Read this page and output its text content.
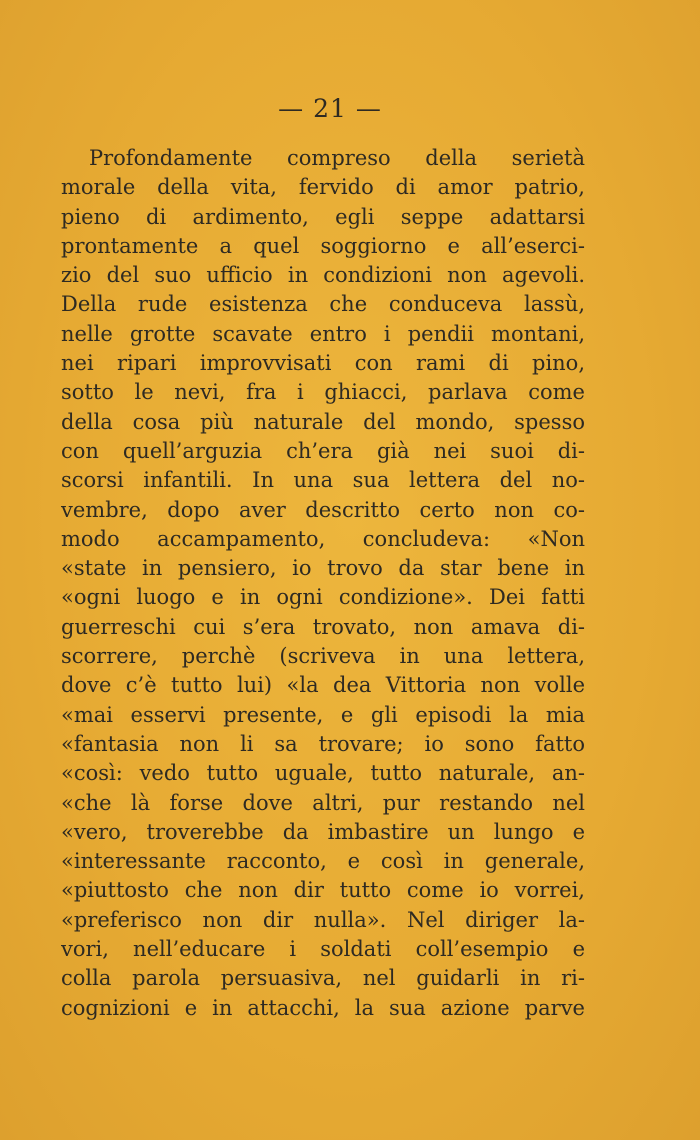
— 21 —
Profondamente compreso della serietà
morale della vita, fervido di amor patrio,
pieno di ardimento, egli seppe adattarsi
prontamente a quel soggiorno e all’eserci-
zio del suo ufficio in condizioni non agevoli.
Della rude esistenza che conduceva lassù,
nelle grotte scavate entro i pendii montani,
nei ripari improvvisati con rami di pino,
sotto le nevi, fra i ghiacci, parlava come
della cosa più naturale del mondo, spesso
con quell’arguzia ch’era già nei suoi di-
scorsi infantili. In una sua lettera del no-
vembre, dopo aver descritto certo non co-
modo accampamento, concludeva: «Non
«state in pensiero, io trovo da star bene in
«ogni luogo e in ogni condizione». Dei fatti
guerreschi cui s’era trovato, non amava di-
scorrere, perchè (scriveva in una lettera,
dove c’è tutto lui) «la dea Vittoria non volle
«mai esservi presente, e gli episodi la mia
«fantasia non li sa trovare; io sono fatto
«così: vedo tutto uguale, tutto naturale, an-
«che là forse dove altri, pur restando nel
«vero, troverebbe da imbastire un lungo e
«interessante racconto, e così in generale,
«piuttosto che non dir tutto come io vorrei,
«preferisco non dir nulla». Nel diriger la-
vori, nell’educare i soldati coll’esempio e
colla parola persuasiva, nel guidarli in ri-
cognizioni e in attacchi, la sua azione parve
